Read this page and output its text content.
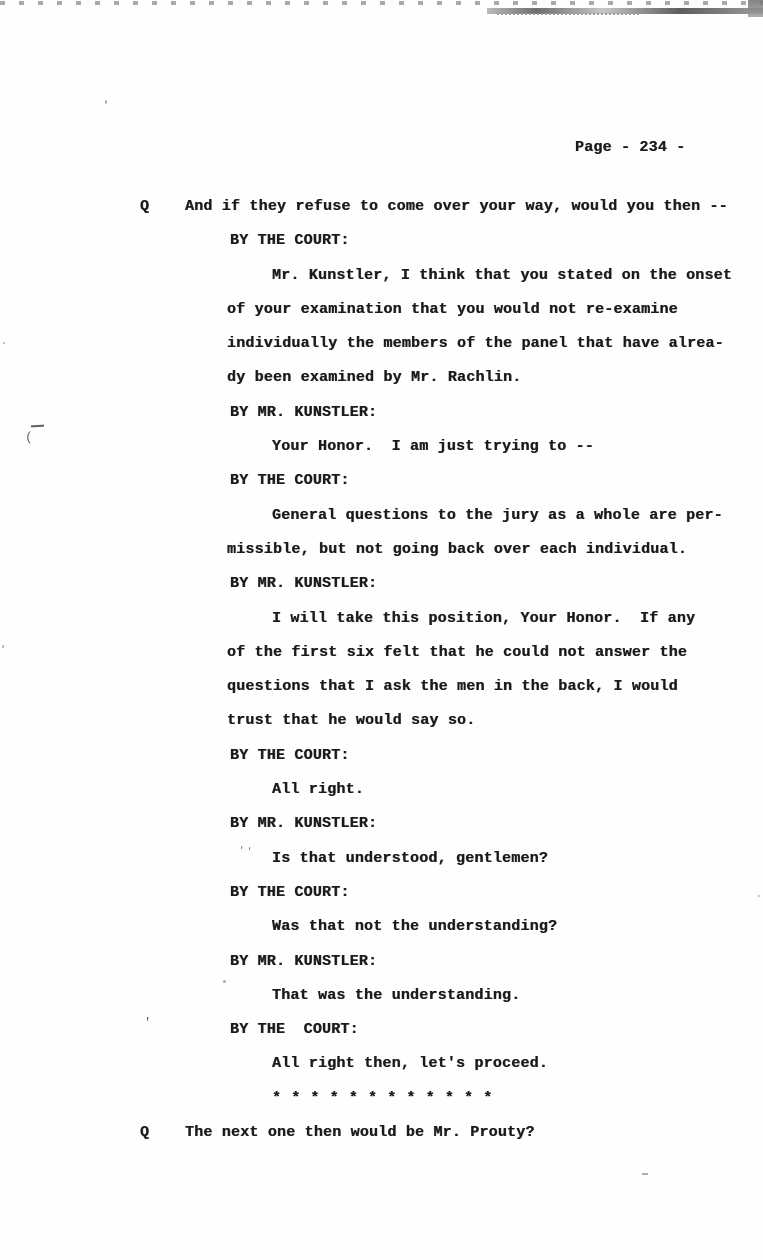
(
'
''
Page - 234 -
Q And if they refuse to come over your way, would you then --
BY THE COURT:
Mr. Kunstler, I think that you stated on the onset
of your examination that you would not re-examine
individually the members of the panel that have alrea-
dy been examined by Mr. Rachlin.
BY MR. KUNSTLER:
Your Honor.  I am just trying to --
BY THE COURT:
General questions to the jury as a whole are per-
missible, but not going back over each individual.
BY MR. KUNSTLER:
I will take this position, Your Honor.  If any
of the first six felt that he could not answer the
questions that I ask the men in the back, I would
trust that he would say so.
BY THE COURT:
All right.
BY MR. KUNSTLER:
Is that understood, gentlemen?
BY THE COURT:
Was that not the understanding?
BY MR. KUNSTLER:
That was the understanding.
BY THE  COURT:
All right then, let's proceed.
* * * * * * * * * * * *
Q The next one then would be Mr. Prouty?
